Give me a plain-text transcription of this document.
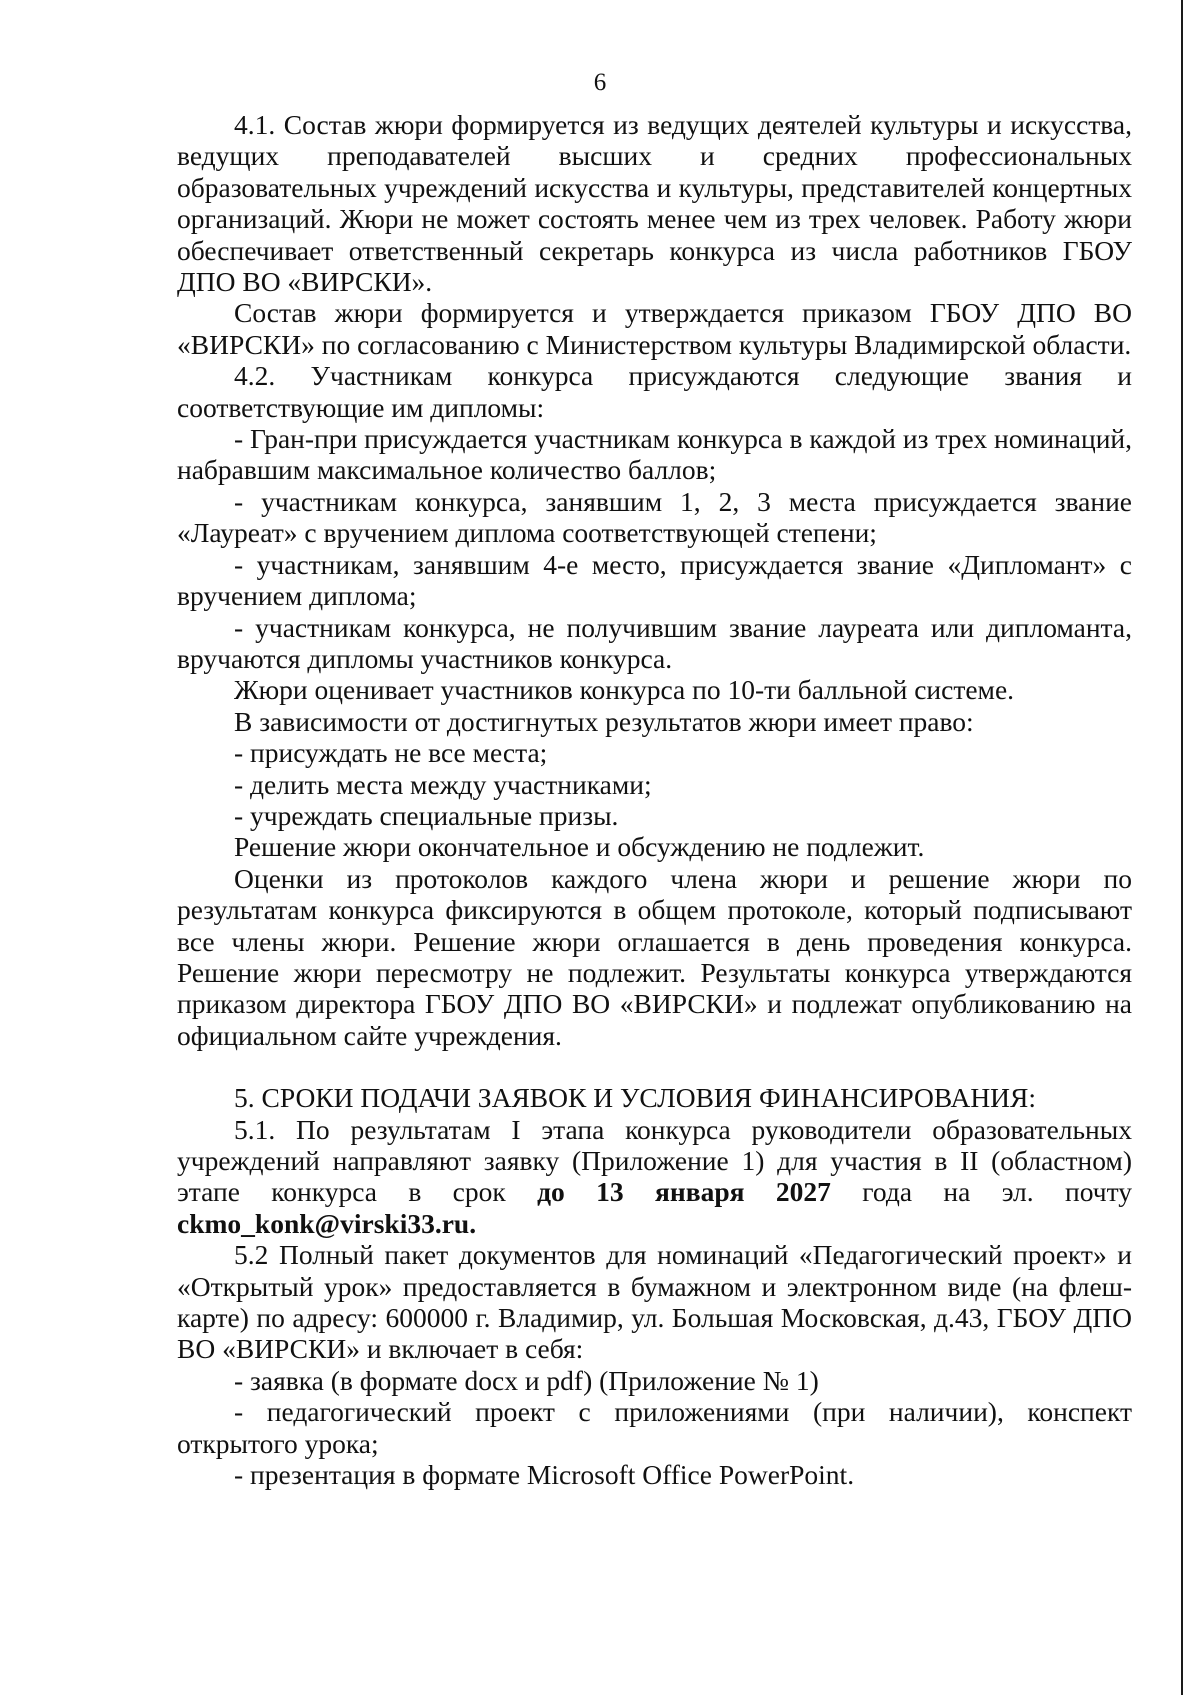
6

4.1. Состав жюри формируется из ведущих деятелей культуры и искусства, ведущих преподавателей высших и средних профессиональных образовательных учреждений искусства и культуры, представителей концертных организаций. Жюри не может состоять менее чем из трех человек. Работу жюри обеспечивает ответственный секретарь конкурса из числа работников ГБОУ ДПО ВО «ВИРСКИ».

Состав жюри формируется и утверждается приказом ГБОУ ДПО ВО «ВИРСКИ» по согласованию с Министерством культуры Владимирской области.

4.2. Участникам конкурса присуждаются следующие звания и соответствующие им дипломы:

- Гран-при присуждается участникам конкурса в каждой из трех номинаций, набравшим максимальное количество баллов;

- участникам конкурса, занявшим 1, 2, 3 места присуждается звание «Лауреат» с вручением диплома соответствующей степени;

- участникам, занявшим 4-е место, присуждается звание «Дипломант» с вручением диплома;

- участникам конкурса, не получившим звание лауреата или дипломанта, вручаются дипломы участников конкурса.

Жюри оценивает участников конкурса по 10-ти балльной системе.

В зависимости от достигнутых результатов жюри имеет право:

- присуждать не все места;

- делить места между участниками;

- учреждать специальные призы.

Решение жюри окончательное и обсуждению не подлежит.

Оценки из протоколов каждого члена жюри и решение жюри по результатам конкурса фиксируются в общем протоколе, который подписывают все члены жюри. Решение жюри оглашается в день проведения конкурса. Решение жюри пересмотру не подлежит. Результаты конкурса утверждаются приказом директора ГБОУ ДПО ВО «ВИРСКИ» и подлежат опубликованию на официальном сайте учреждения.

5. СРОКИ ПОДАЧИ ЗАЯВОК И УСЛОВИЯ ФИНАНСИРОВАНИЯ:

5.1. По результатам I этапа конкурса руководители образовательных учреждений направляют заявку (Приложение 1) для участия в II (областном) этапе конкурса в срок до 13 января 2027 года на эл. почту ckmo_konk@virski33.ru.

5.2 Полный пакет документов для номинаций «Педагогический проект» и «Открытый урок» предоставляется в бумажном и электронном виде (на флеш-карте) по адресу: 600000 г. Владимир, ул. Большая Московская, д.43, ГБОУ ДПО ВО «ВИРСКИ» и включает в себя:

- заявка (в формате docx и pdf) (Приложение № 1)

- педагогический проект с приложениями (при наличии), конспект открытого урока;

- презентация в формате Microsoft Office PowerPoint.
